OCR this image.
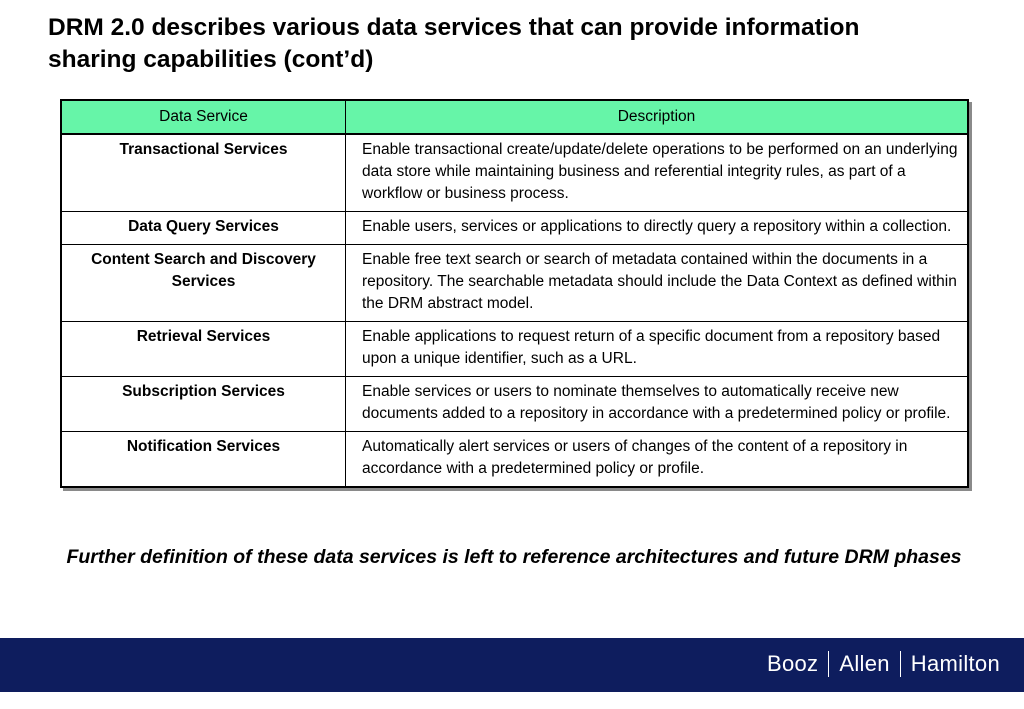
DRM 2.0 describes various data services that can provide information sharing capabilities (cont’d)
Data Service	Description
Transactional Services	Enable transactional create/update/delete operations to be performed on an underlying data store while maintaining business and referential integrity rules, as part of a workflow or business process.
Data Query Services	Enable users, services or applications to directly query a repository within a collection.
Content Search and Discovery Services	Enable free text search or search of metadata contained within the documents in a repository. The searchable metadata should include the Data Context as defined within the DRM abstract model.
Retrieval Services	Enable applications to request return of a specific document from a repository based upon a unique identifier, such as a URL.
Subscription Services	Enable services or users to nominate themselves to automatically receive new documents added to a repository in accordance with a predetermined policy or profile.
Notification Services	Automatically alert services or users of changes of the content of a repository in accordance with a predetermined policy or profile.

Further definition of these data services is left to reference architectures and future DRM phases

Booz Allen Hamilton
